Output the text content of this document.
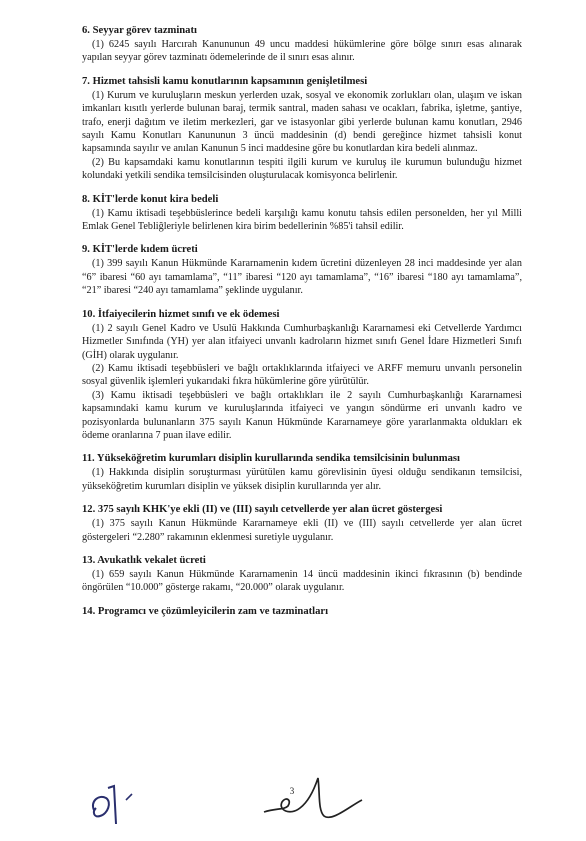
6. Seyyar görev tazminatı
(1) 6245 sayılı Harcırah Kanununun 49 uncu maddesi hükümlerine göre bölge sınırı esas alınarak yapılan seyyar görev tazminatı ödemelerinde de il sınırı esas alınır.
7. Hizmet tahsisli kamu konutlarının kapsamının genişletilmesi
(1) Kurum ve kuruluşların meskun yerlerden uzak, sosyal ve ekonomik zorlukları olan, ulaşım ve iskan imkanları kısıtlı yerlerde bulunan baraj, termik santral, maden sahası ve ocakları, fabrika, işletme, şantiye, trafo, enerji dağıtım ve iletim merkezleri, gar ve istasyonlar gibi yerlerde bulunan kamu konutları, 2946 sayılı Kamu Konutları Kanununun 3 üncü maddesinin (d) bendi gereğince hizmet tahsisli konut kapsamında sayılır ve anılan Kanunun 5 inci maddesine göre bu konutlardan kira bedeli alınmaz.
(2) Bu kapsamdaki kamu konutlarının tespiti ilgili kurum ve kuruluş ile kurumun bulunduğu hizmet kolundaki yetkili sendika temsilcisinden oluşturulacak komisyonca belirlenir.
8. KİT'lerde konut kira bedeli
(1) Kamu iktisadi teşebbüslerince bedeli karşılığı kamu konutu tahsis edilen personelden, her yıl Milli Emlak Genel Tebliğleriyle belirlenen kira birim bedellerinin %85'i tahsil edilir.
9. KİT'lerde kıdem ücreti
(1) 399 sayılı Kanun Hükmünde Kararnamenin kıdem ücretini düzenleyen 28 inci maddesinde yer alan “6” ibaresi “60 ayı tamamlama”, “11” ibaresi “120 ayı tamamlama”, “16” ibaresi “180 ayı tamamlama”, “21” ibaresi “240 ayı tamamlama” şeklinde uygulanır.
10. İtfaiyecilerin hizmet sınıfı ve ek ödemesi
(1) 2 sayılı Genel Kadro ve Usulü Hakkında Cumhurbaşkanlığı Kararnamesi eki Cetvellerde Yardımcı Hizmetler Sınıfında (YH) yer alan itfaiyeci unvanlı kadroların hizmet sınıfı Genel İdare Hizmetleri Sınıfı (GİH) olarak uygulanır.
(2) Kamu iktisadi teşebbüsleri ve bağlı ortaklıklarında itfaiyeci ve ARFF memuru unvanlı personelin sosyal güvenlik işlemleri yukarıdaki fıkra hükümlerine göre yürütülür.
(3) Kamu iktisadi teşebbüsleri ve bağlı ortaklıkları ile 2 sayılı Cumhurbaşkanlığı Kararnamesi kapsamındaki kamu kurum ve kuruluşlarında itfaiyeci ve yangın söndürme eri unvanlı kadro ve pozisyonlarda bulunanların 375 sayılı Kanun Hükmünde Kararnameye göre yararlanmakta oldukları ek ödeme oranlarına 7 puan ilave edilir.
11. Yükseköğretim kurumları disiplin kurullarında sendika temsilcisinin bulunması
(1) Hakkında disiplin soruşturması yürütülen kamu görevlisinin üyesi olduğu sendikanın temsilcisi, yükseköğretim kurumları disiplin ve yüksek disiplin kurullarında yer alır.
12. 375 sayılı KHK'ye ekli (II) ve (III) sayılı cetvellerde yer alan ücret göstergesi
(1) 375 sayılı Kanun Hükmünde Kararnameye ekli (II) ve (III) sayılı cetvellerde yer alan ücret göstergeleri “2.280” rakamının eklenmesi suretiyle uygulanır.
13. Avukatlık vekalet ücreti
(1) 659 sayılı Kanun Hükmünde Kararnamenin 14 üncü maddesinin ikinci fıkrasının (b) bendinde öngörülen “10.000” gösterge rakamı, “20.000” olarak uygulanır.
14. Programcı ve çözümleyicilerin zam ve tazminatları
3
